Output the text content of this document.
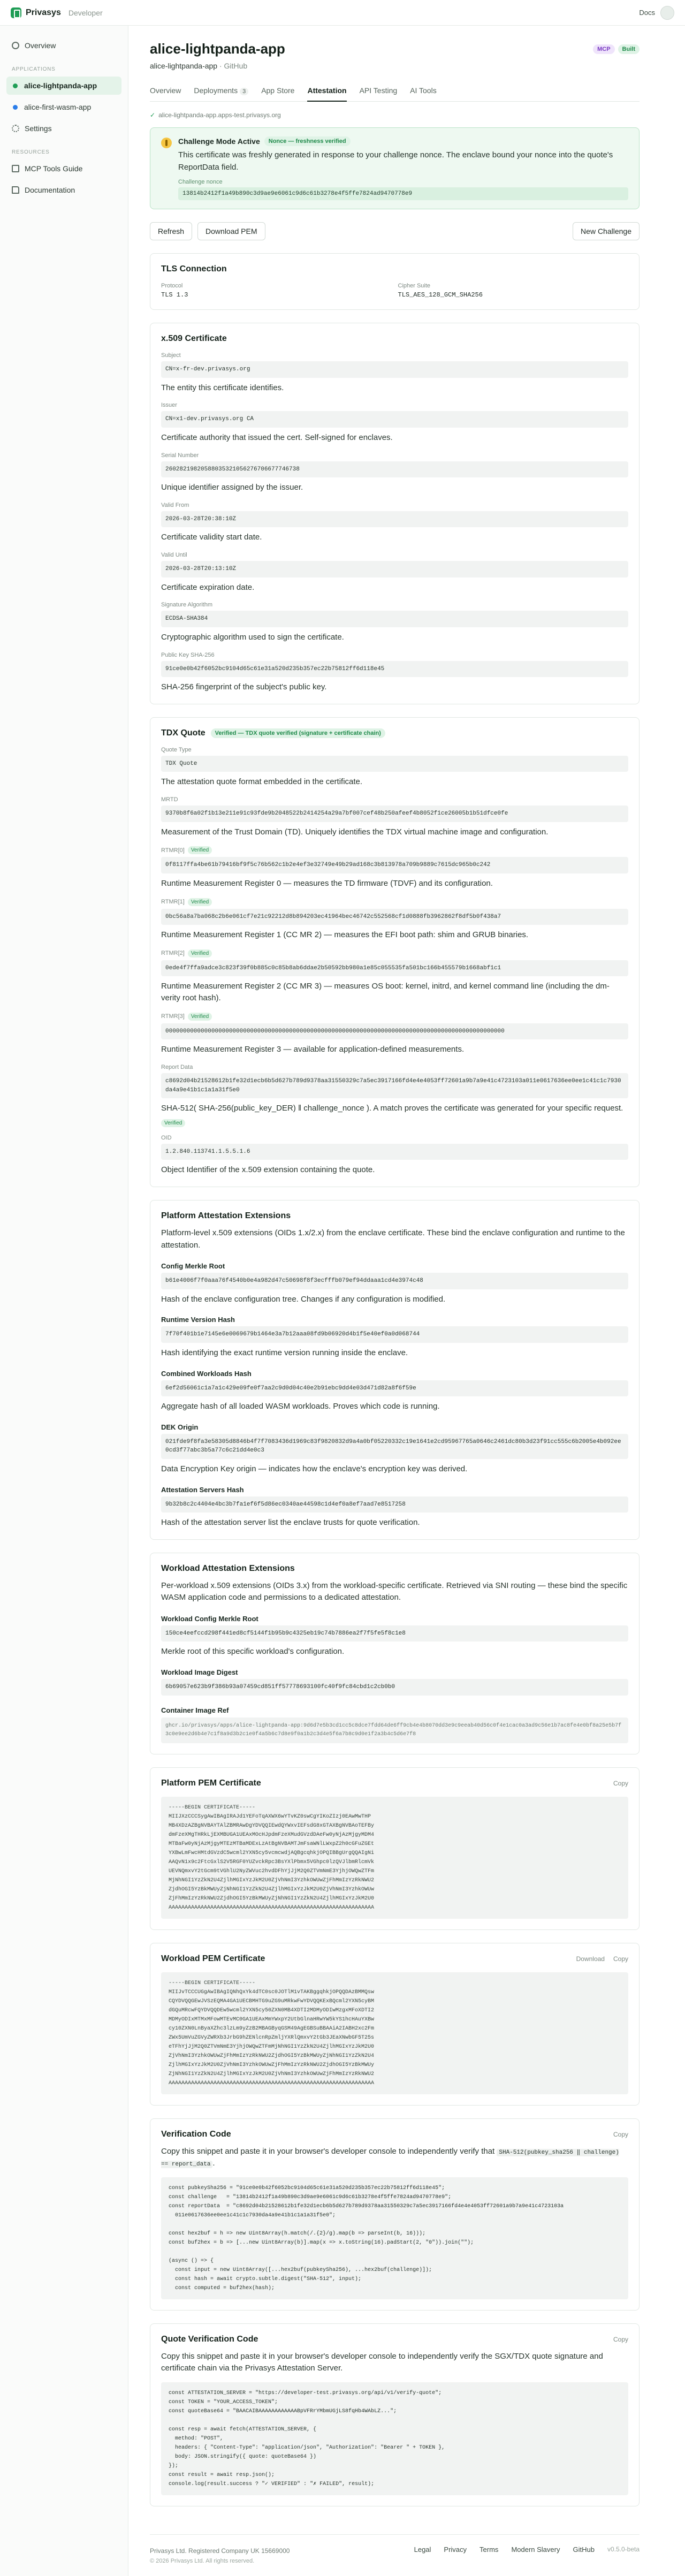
Privasys Developer	Docs
Overview
APPLICATIONS
alice-lightpanda-app
alice-first-wasm-app
Settings
RESOURCES
MCP Tools Guide
Documentation
alice-lightpanda-app	MCP	Built
alice-lightpanda-app · GitHub
Overview Deployments 3	App Store Attestation API Testing AI Tools
✓ alice-lightpanda-app.apps-test.privasys.org
Challenge Mode Active	Nonce — freshness verified
This certificate was freshly generated in response to your challenge nonce. The enclave bound your nonce into the quote's ReportData field.
Challenge nonce
13814b2412f1a49b890c3d9ae9e6061c9d6c61b3278e4f5ffe7824ad9470778e9
Refresh	Download PEM	New Challenge
TLS Connection
Protocol
TLS 1.3
Cipher Suite
TLS_AES_128_GCM_SHA256
x.509 Certificate
Subject
CN=x-fr-dev.privasys.org
The entity this certificate identifies.
Issuer
CN=x1-dev.privasys.org CA
Certificate authority that issued the cert. Self-signed for enclaves.
Serial Number
26028219820588035321056276706677746738
Unique identifier assigned by the issuer.
Valid From
2026-03-28T20:38:10Z
Certificate validity start date.
Valid Until
2026-03-28T20:13:10Z
Certificate expiration date.
Signature Algorithm
ECDSA-SHA384
Cryptographic algorithm used to sign the certificate.
Public Key SHA-256
91ce0e0b42f6052bc9104d65c61e31a520d235b357ec22b75812ff6d118e45
SHA-256 fingerprint of the subject's public key.
TDX Quote	Verified — TDX quote verified (signature + certificate chain)
Quote Type
TDX Quote
The attestation quote format embedded in the certificate.
MRTD
9370b8f6a02f1b13e211e91c93fde9b2048522b2414254a29a7bf007cef48b250afeef4b8052f1ce26005b1b51dfce0fe
Measurement of the Trust Domain (TD). Uniquely identifies the TDX virtual machine image and configuration.
RTMR[0]	Verified
0f8117ffa4be61b79416bf9f5c76b562c1b2e4ef3e32749e49b29ad168c3b813978a709b9889c7615dc965b0c242
Runtime Measurement Register 0 — measures the TD firmware (TDVF) and its configuration.
RTMR[1]	Verified
0bc56a8a7ba068c2b6e061cf7e21c92212d8b894203ec41964bec46742c552568cf1d0888fb3962862f8df5b0f438a7
Runtime Measurement Register 1 (CC MR 2) — measures the EFI boot path: shim and GRUB binaries.
RTMR[2]	Verified
0ede4f7ffa9adce3c823f39f0b885c0c85b8ab6ddae2b50592bb980a1e85c055535fa501bc166b455579b1668abf1c1
Runtime Measurement Register 2 (CC MR 3) — measures OS boot: kernel, initrd, and kernel command line (including the dm-verity root hash).
RTMR[3]	Verified
000000000000000000000000000000000000000000000000000000000000000000000000000000000000000000000000
Runtime Measurement Register 3 — available for application-defined measurements.
Report Data
c8692d04b21528612b1fe32d1ecb6b5d627b789d9378aa31550329c7a5ec3917166fd4e4e4053ff72601a9b7a9e41c4723103a011e0617636ee0ee1c41c1c7930da4a9e41b1c1a1a31f5e0
SHA-512( SHA-256(public_key_DER) ‖ challenge_nonce ). A match proves the certificate was generated for your specific request.
Verified
OID
1.2.840.113741.1.5.5.1.6
Object Identifier of the x.509 extension containing the quote.
Platform Attestation Extensions
Platform-level x.509 extensions (OIDs 1.x/2.x) from the enclave certificate. These bind the enclave configuration and runtime to the attestation.
Config Merkle Root
b61e4006f7f0aaa76f4540b0e4a982d47c50698f8f3ecfffb079ef94ddaaa1cd4e3974c48
Hash of the enclave configuration tree. Changes if any configuration is modified.
Runtime Version Hash
7f70f401b1e7145e6e0069679b1464e3a7b12aaa08fd9b06920d4b1f5e40ef0a0d068744
Hash identifying the exact runtime version running inside the enclave.
Combined Workloads Hash
6ef2d56061c1a7a1c429e09fe0f7aa2c9d0d04c40e2b91ebc9dd4e03d471d82a8f6f59e
Aggregate hash of all loaded WASM workloads. Proves which code is running.
DEK Origin
021fde9f8fa3e58305d8846b4f7f7083436d1969c83f9820832d9a4a0bf05220332c19e1641e2cd95967765a0646c2461dc80b3d23f91cc555c6b2005e4b092ee0cd3f77abc3b5a77c6c21dd4e0c3
Data Encryption Key origin — indicates how the enclave's encryption key was derived.
Attestation Servers Hash
9b32b8c2c4404e4bc3b7fa1ef6f5d86ec0340ae44598c1d4ef0a8ef7aad7e8517258
Hash of the attestation server list the enclave trusts for quote verification.
Workload Attestation Extensions
Per-workload x.509 extensions (OIDs 3.x) from the workload-specific certificate. Retrieved via SNI routing — these bind the specific WASM application code and permissions to a dedicated attestation.
Workload Config Merkle Root
150ce4eefccd298f441ed8cf5144f1b95b9c4325eb19c74b7886ea2f7f5fe5f8c1e8
Merkle root of this specific workload's configuration.
Workload Image Digest
6b69057e623b9f386b93a07459cd851ff57778693100fc40f9fc84cbd1c2cb0b0
Container Image Ref
ghcr.io/privasys/apps/alice-lightpanda-app:9d6d7e5b3cd1cc5c8dce7fdd64de6ff9cb4e4b8070dd3e9c9eeab40d56c0f4e1cac0a3ad9c56e1b7ac8fe4e0bf8a25e5b7f3c0e9ee2d6b4e7c1f8a9d3b2c1e0f4a5b6c7d8e9f0a1b2c3d4e5f6a7b8c9d0e1f2a3b4c5d6e7f8
Platform PEM Certificate	Copy
-----BEGIN CERTIFICATE-----
MIIJXzCCCSygAwIBAgIRAJd1YEFoTqAXWX6wYTvKZ0swCgYIKoZIzj0EAwMwTHP
MB4XDzAZBgNVBAYTAlZBMRAwDgYDVQQIEwdQYWxvIEFsdG8xGTAXBgNVBAoTEFBy
dmFzeXMgTHRkLjEXMBUGA1UEAxMOcHJpdmFzeXMudGVzdDAeFw0yNjAzMjgyMDM4
MTBaFw0yNjAzMjgyMTEzMTBaMDExLzAtBgNVBAMTJmFsaWNlLWxpZ2h0cGFuZGEt
YXBwLmFwcHMtdGVzdC5wcml2YXN5cy5vcmcwdjAQBgcqhkjOPQIBBgUrgQQAIgNi
AAQvN1x9c2FtcGxlS2V5RGF0YUZvckRpc3BsYXlPbmx5VGhpc0lzQVJlbmRlcmVk
UEVNQmxvY2tGcm9tVGhlU2NyZWVuc2hvdDFhYjJjM2Q0ZTVmNmE3YjhjOWQwZTFm
MjNhNGI1YzZkN2U4ZjlhMGIxYzJkM2U0ZjVhNmI3YzhkOWUwZjFhMmIzYzRkNWU2
ZjdhOGI5YzBkMWUyZjNhNGI1YzZkN2U4ZjlhMGIxYzJkM2U0ZjVhNmI3YzhkOWUw
ZjFhMmIzYzRkNWU2ZjdhOGI5YzBkMWUyZjNhNGI1YzZkN2U4ZjlhMGIxYzJkM2U0
AAAAAAAAAAAAAAAAAAAAAAAAAAAAAAAAAAAAAAAAAAAAAAAAAAAAAAAAAAAAAAAA
Workload PEM Certificate	Download Copy
-----BEGIN CERTIFICATE-----
MIIJvTCCCUGgAwIBAgIQNhQxYk4dTC0sc0JOTlM1vTAKBggqhkjOPQQDAzBMMQsw
CQYDVQQGEwJVSzEQMA4GA1UECBMHTG9uZG9uMRkwFwYDVQQKExBQcml2YXN5cyBM
dGQuMRcwFQYDVQQDEw5wcml2YXN5cy50ZXN0MB4XDTI2MDMyODIwMzgxMFoXDTI2
MDMyODIxMTMxMFowMTEvMC0GA1UEAxMmYWxpY2UtbGlnaHRwYW5kYS1hcHAuYXBw
cy10ZXN0LnByaXZhc3lzLm9yZzB2MBAGByqGSM49AgEGBSuBBAAiA2IABH2xc2Fm
ZWx5UmVuZGVyZWRXb3JrbG9hZENlcnRpZmljYXRlQmxvY2tGb3JEaXNwbGF5T25s
eTFhYjJjM2Q0ZTVmNmE3YjhjOWQwZTFmMjNhNGI1YzZkN2U4ZjlhMGIxYzJkM2U0
ZjVhNmI3YzhkOWUwZjFhMmIzYzRkNWU2ZjdhOGI5YzBkMWUyZjNhNGI1YzZkN2U4
ZjlhMGIxYzJkM2U0ZjVhNmI3YzhkOWUwZjFhMmIzYzRkNWU2ZjdhOGI5YzBkMWUy
ZjNhNGI1YzZkN2U4ZjlhMGIxYzJkM2U0ZjVhNmI3YzhkOWUwZjFhMmIzYzRkNWU2
AAAAAAAAAAAAAAAAAAAAAAAAAAAAAAAAAAAAAAAAAAAAAAAAAAAAAAAAAAAAAAAA
Verification Code	Copy
Copy this snippet and paste it in your browser's developer console to independently verify that SHA-512(pubkey_sha256 ‖ challenge) == report_data .
const pubkeySha256 = "91ce0e0b42f6052bc9104d65c61e31a520d235b357ec22b75812ff6d118e45";
const challenge   = "13814b2412f1a49b890c3d9ae9e6061c9d6c61b3278e4f5ffe7824ad9470778e9";
const reportData  = "c8692d04b21528612b1fe32d1ecb6b5d627b789d9378aa31550329c7a5ec3917166fd4e4e4053ff72601a9b7a9e41c4723103a
011e0617636ee0ee1c41c1c7930da4a9e41b1c1a1a31f5e0";

const hex2buf = h => new Uint8Array(h.match(/.{2}/g).map(b => parseInt(b, 16)));
const buf2hex = b => [...new Uint8Array(b)].map(x => x.toString(16).padStart(2, "0")).join("");

(async () => {
const input = new Uint8Array([...hex2buf(pubkeySha256), ...hex2buf(challenge)]);
const hash = await crypto.subtle.digest("SHA-512", input);
const computed = buf2hex(hash);
Quote Verification Code	Copy
Copy this snippet and paste it in your browser's developer console to independently verify the SGX/TDX quote signature and certificate chain via the Privasys Attestation Server.
const ATTESTATION_SERVER = "https://developer-test.privasys.org/api/v1/verify-quote";
const TOKEN = "YOUR_ACCESS_TOKEN";
const quoteBase64 = "BAACAIBAAAAAAAAAAAABpVFRrYMbmUGjLS8fqHb4WAbLZ...";

const resp = await fetch(ATTESTATION_SERVER, {
method: "POST",
headers: { "Content-Type": "application/json", "Authorization": "Bearer " + TOKEN },
body: JSON.stringify({ quote: quoteBase64 })
});
const result = await resp.json();
console.log(result.success ? "✓ VERIFIED" : "✗ FAILED", result);
Privasys Ltd. Registered Company UK 15669000
© 2026 Privasys Ltd. All rights reserved.
Legal Privacy Terms Modern Slavery GitHub v0.5.0-beta
